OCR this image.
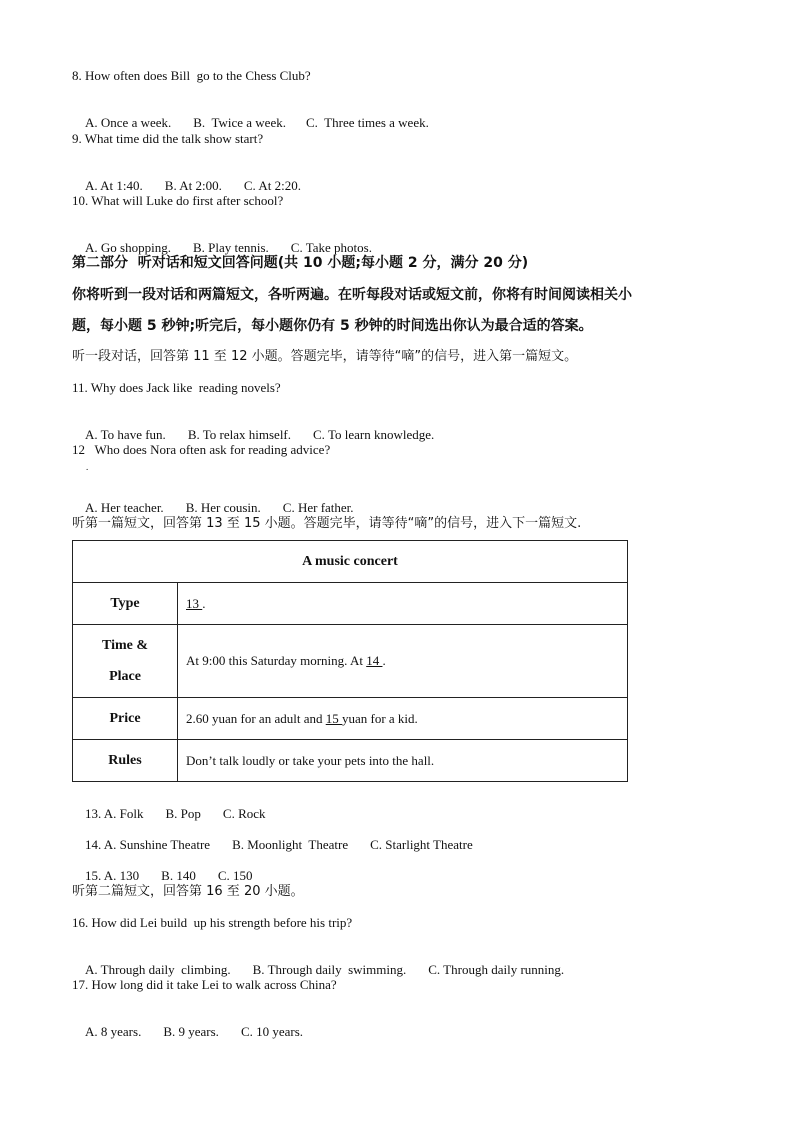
8. How often does Bill  go to the Chess Club?

A. Once a week. B.  Twice a week. C.  Three times a week.

9. What time did the talk show start?

A. At 1:40. B. At 2:00. C. At 2:20.

10. What will Luke do first after school?

A. Go shopping. B. Play tennis. C. Take photos.

第二部分  听对话和短文回答问题(共 10 小题;每小题 2 分，满分 20 分)
你将听到一段对话和两篇短文，各听两遍。在听每段对话或短文前，你将有时间阅读相关小
题，每小题 5 秒钟;听完后，每小题你仍有 5 秒钟的时间选出你认为最合适的答案。
听一段对话，回答第 11 至 12 小题。答题完毕，请等待“嘀”的信号，进入第一篇短文。
11. Why does Jack like  reading novels?

A. To have fun. B. To relax himself. C. To learn knowledge.

12   Who does Nora often ask for reading advice?
.

A. Her teacher. B. Her cousin. C. Her father.

听第一篇短文，回答第 13 至 15 小题。答题完毕，请等待“嘀”的信号，进入下一篇短文.
A music concert	
Type	13 .

Time &
Place	At 9:00 this Saturday morning. At 14 .
Price	2.60 yuan for an adult and 15 yuan for a kid.
Rules	Don’t talk loudly or take your pets into the hall.

13. A. Folk B. Pop C. Rock

14. A. Sunshine Theatre B. Moonlight  Theatre C. Starlight Theatre

15. A. 130 B. 140 C. 150

听第二篇短文，回答第 16 至 20 小题。
16. How did Lei build  up his strength before his trip?

A. Through daily  climbing. B. Through daily  swimming. C. Through daily running.

17. How long did it take Lei to walk across China?

A. 8 years. B. 9 years. C. 10 years.
